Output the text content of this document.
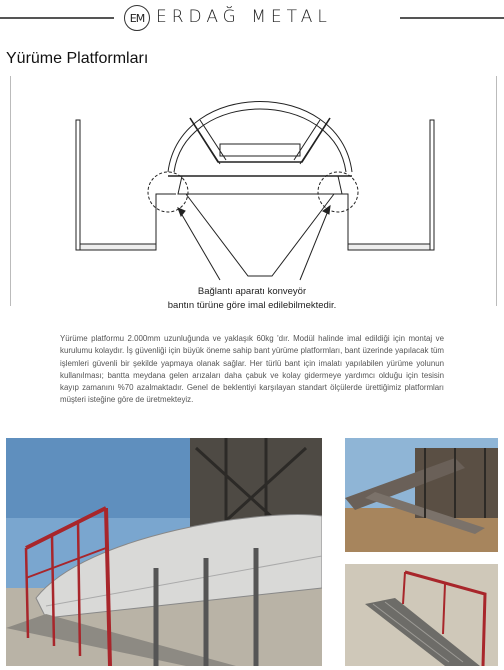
EM ERDAĞ METAL
Yürüme Platformları
Bağlantı aparatı konveyör
bantın türüne göre imal edilebilmektedir.
Yürüme platformu 2.000mm uzunluğunda ve yaklaşık 60kg 'dır. Modül halinde imal edildiği için montaj ve kurulumu kolaydır. İş güvenliği için büyük öneme sahip bant yürüme platformları, bant üzerinde yapılacak tüm işlemleri güvenli bir şekilde yapmaya olanak sağlar. Her türlü bant için imalatı yapılabilen yürüme yolunun kullanılması; bantta meydana gelen arızaları daha çabuk ve kolay gidermeye yardımcı olduğu için tesisin kayıp zamanını %70 azalmaktadır. Genel de beklentiyi karşılayan standart ölçülerde ürettiğimiz platformları müşteri isteğine göre de üretmekteyiz.
